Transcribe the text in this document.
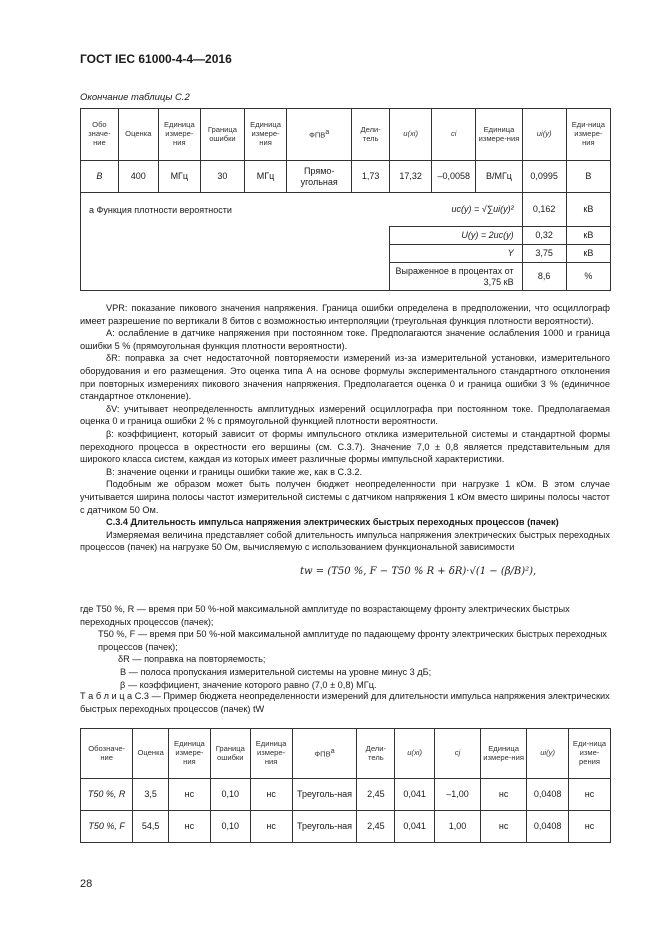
ГОСТ IEC 61000-4-4—2016
Окончание таблицы С.2
Обо значе-ние	Оценка	Единица измере-ния	Граница ошибки	Единица измере-ния	ФПВа	Дели-тель	u(xi)	ci	Единица измере-ния	ui(y)	Еди-ница измере-ния
B	400	МГц	30	МГц	Прямо-угольная	1,73	17,32	–0,0058	В/МГц	0,0995	В
а Функция плотности вероятности							uc(y) = √∑ui(y)²			0,162	кВ
							U(y) = 2uc(y)			0,32	кВ
							Y			3,75	кВ
							Выраженное в процентах от 3,75 кВ			8,6	%

VPR: показание пикового значения напряжения. Граница ошибки определена в предположении, что осциллограф имеет разрешение по вертикали 8 битов с возможностью интерполяции (треугольная функция плотности вероятности).

A: ослабление в датчике напряжения при постоянном токе. Предполагаются значение ослабления 1000 и граница ошибки 5 % (прямоугольная функция плотности вероятности).

δR: поправка за счет недостаточной повторяемости измерений из-за измерительной установки, измерительного оборудования и его размещения. Это оценка типа А на основе формулы экспериментального стандартного отклонения при повторных измерениях пикового значения напряжения. Предполагается оценка 0 и граница ошибки 3 % (единичное стандартное отклонение).

δV: учитывает неопределенность амплитудных измерений осциллографа при постоянном токе. Предполагаемая оценка 0 и граница ошибки 2 % с прямоугольной функцией плотности вероятности.

β: коэффициент, который зависит от формы импульсного отклика измерительной системы и стандартной формы переходного процесса в окрестности его вершины (см. С.3.7). Значение 7,0 ± 0,8 является представительным для широкого класса систем, каждая из которых имеет различные формы импульсной характеристики.

B: значение оценки и границы ошибки такие же, как в С.3.2.

Подобным же образом может быть получен бюджет неопределенности при нагрузке 1 кОм. В этом случае учитывается ширина полосы частот измерительной системы с датчиком напряжения 1 кОм вместо ширины полосы частот с датчиком 50 Ом.

С.3.4 Длительность импульса напряжения электрических быстрых переходных процессов (пачек)

Измеряемая величина представляет собой длительность импульса напряжения электрических быстрых переходных процессов (пачек) на нагрузке 50 Ом, вычисляемую с использованием функциональной зависимости

tw = (T50 %, F − T50 % R + δR)·√(1 − (β/B)²),
где T50 %, R — время при 50 %-ной максимальной амплитуде по возрастающему фронту электрических быстрых переходных процессов (пачек);
T50 %, F — время при 50 %-ной максимальной амплитуде по падающему фронту электрических быстрых переходных процессов (пачек);
δR — поправка на повторяемость;
B — полоса пропускания измерительной системы на уровне минус 3 дБ;
β — коэффициент, значение которого равно (7,0 ± 0,8) МГц.
Т а б л и ц а С.3 — Пример бюджета неопределенности измерений для длительности импульса напряжения электрических быстрых переходных процессов (пачек) tW
Обозначе-ние	Оценка	Единица измере-ния	Граница ошибки	Единица измере-ния	ФПВа	Дели-тель	u(xi)	cj	Единица измере-ния	ui(y)	Еди-ница изме-рения
T50 %, R	3,5	нс	0,10	нс	Треуголь-ная	2,45	0,041	–1,00	нс	0,0408	нс
T50 %, F	54,5	нс	0,10	нс	Треуголь-ная	2,45	0,041	1,00	нс	0,0408	нс
28
